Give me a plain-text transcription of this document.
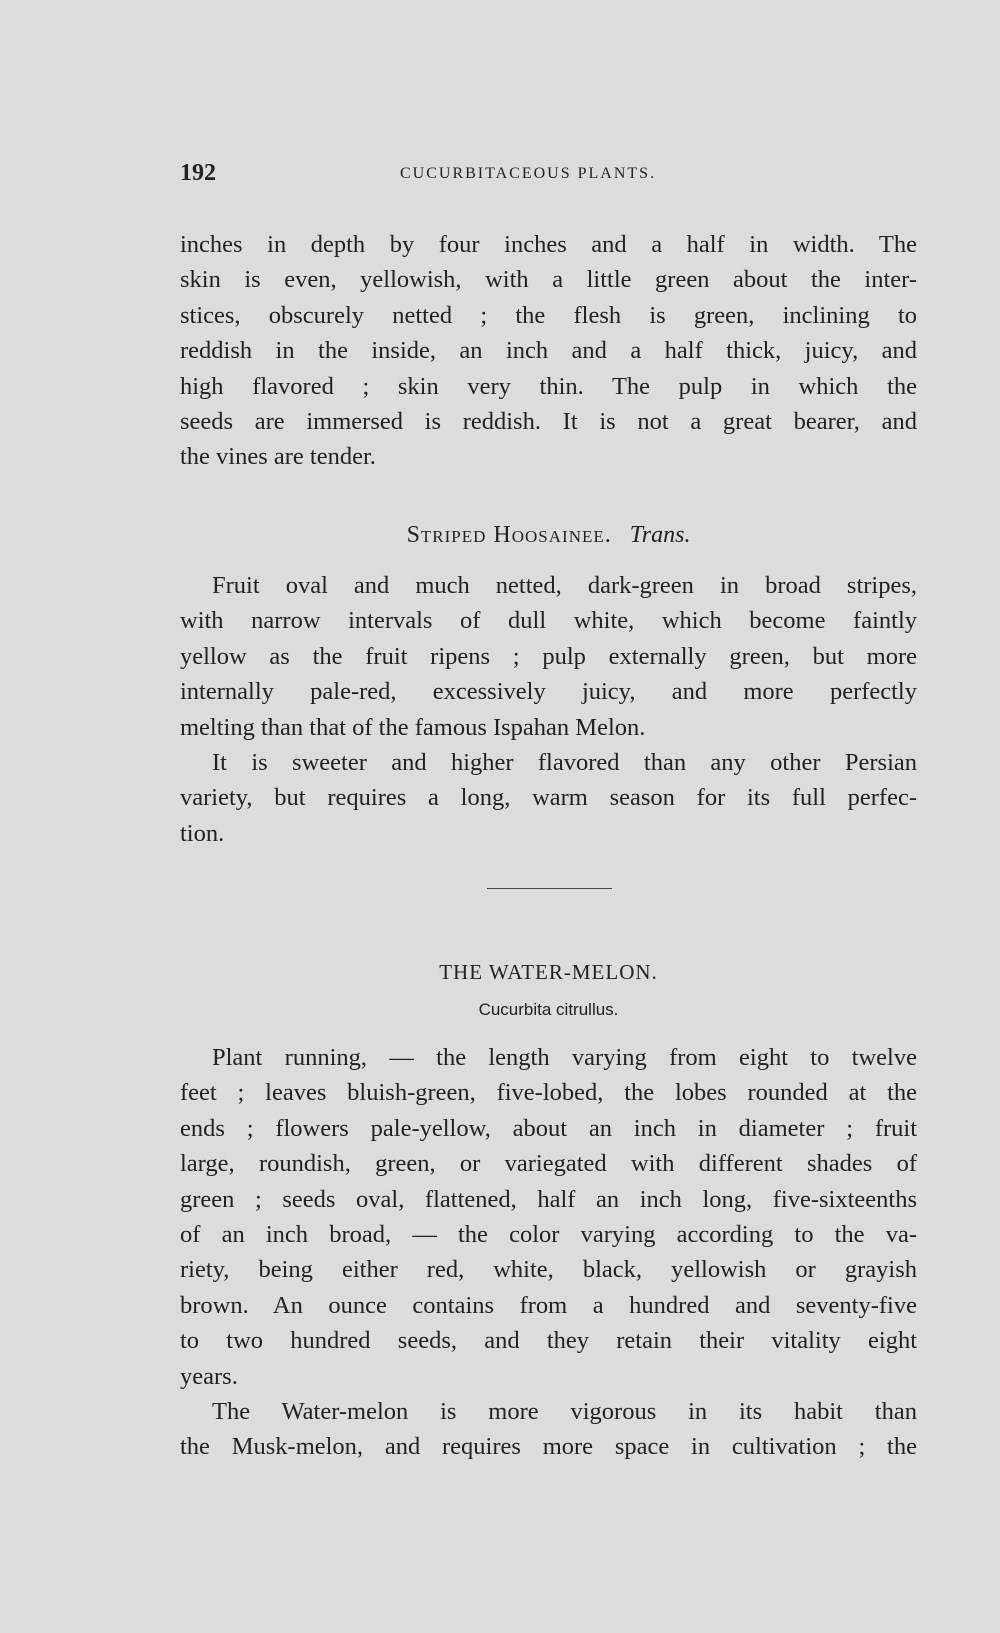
192	CUCURBITACEOUS PLANTS.
inches in depth by four inches and a half in width. The
skin is even, yellowish, with a little green about the inter-
stices, obscurely netted ; the flesh is green, inclining to
reddish in the inside, an inch and a half thick, juicy, and
high flavored ; skin very thin. The pulp in which the
seeds are immersed is reddish. It is not a great bearer, and
the vines are tender.
Striped Hoosainee. Trans.
Fruit oval and much netted, dark-green in broad stripes,
with narrow intervals of dull white, which become faintly
yellow as the fruit ripens ; pulp externally green, but more
internally pale-red, excessively juicy, and more perfectly
melting than that of the famous Ispahan Melon.
It is sweeter and higher flavored than any other Persian
variety, but requires a long, warm season for its full perfec-
tion.
THE WATER-MELON.
Cucurbita citrullus.
Plant running, — the length varying from eight to twelve
feet ; leaves bluish-green, five-lobed, the lobes rounded at the
ends ; flowers pale-yellow, about an inch in diameter ; fruit
large, roundish, green, or variegated with different shades of
green ; seeds oval, flattened, half an inch long, five-sixteenths
of an inch broad, — the color varying according to the va-
riety, being either red, white, black, yellowish or grayish
brown. An ounce contains from a hundred and seventy-five
to two hundred seeds, and they retain their vitality eight
years.
The Water-melon is more vigorous in its habit than
the Musk-melon, and requires more space in cultivation ; the
